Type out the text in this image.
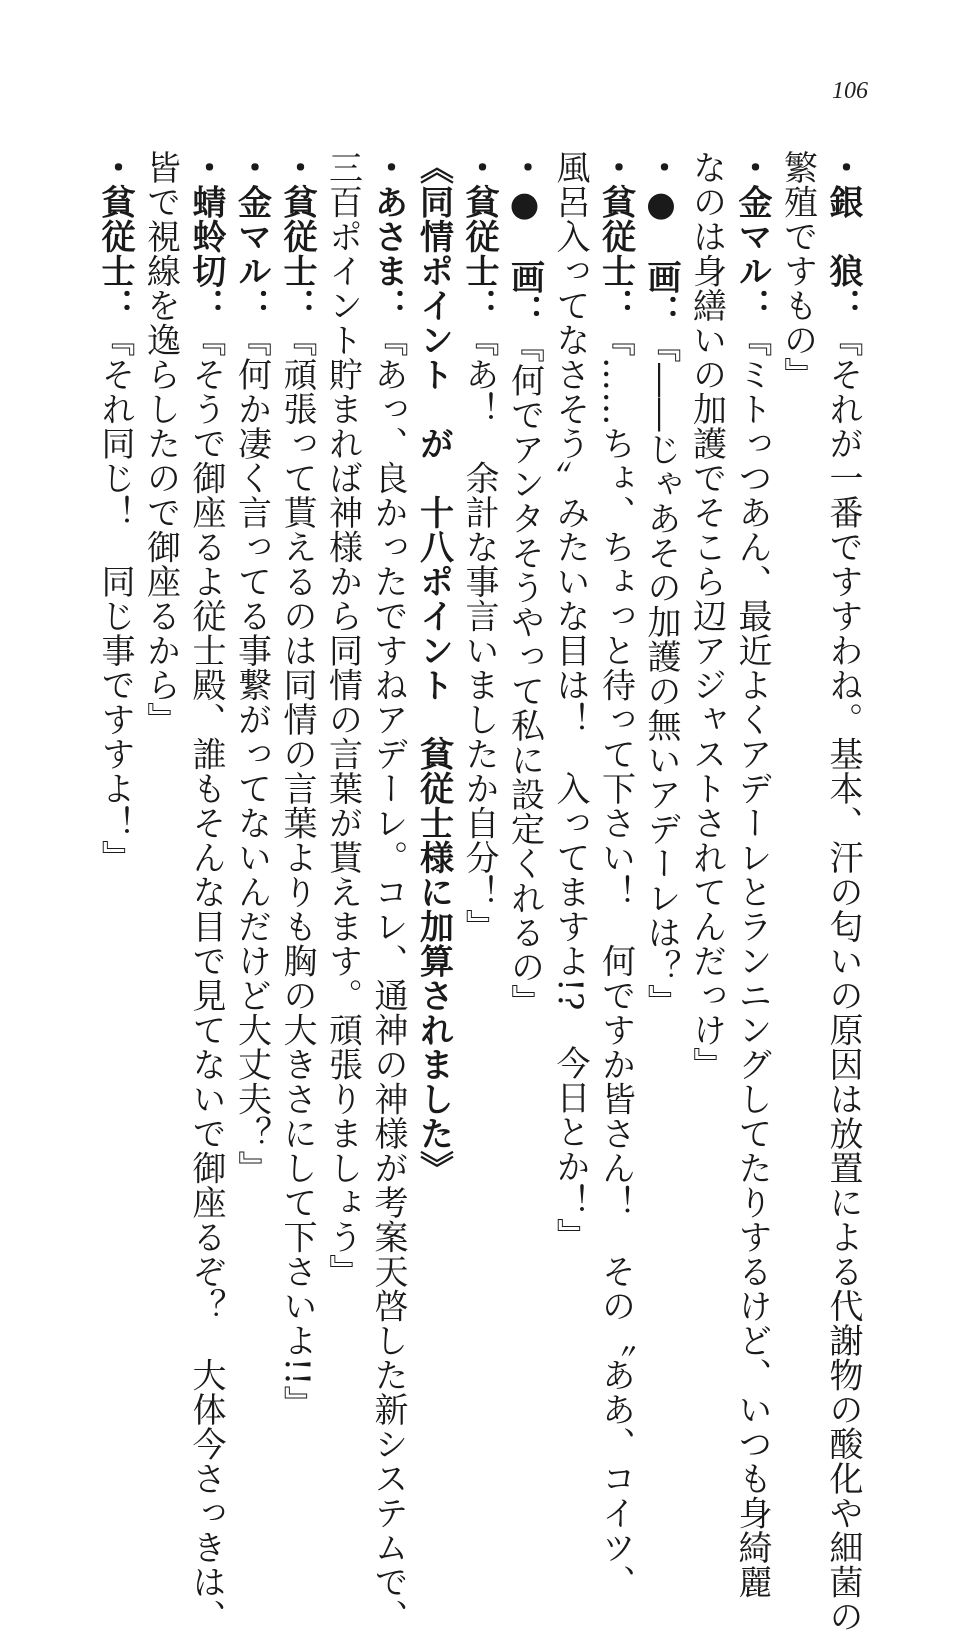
106
・銀　狼：『それが一番ですすわね。基本、汗の匂いの原因は放置による代謝物の酸化や細菌の
繁殖ですもの』
・金マル：『ミトっつあん、最近よくアデーレとランニングしてたりするけど、いつも身綺麗
なのは身繕いの加護でそこら辺アジャストされてんだっけ』
・●　画：『――じゃあその加護の無いアデーレは？』
・貧従士：『……ちょ、ちょっと待って下さい！　何ですか皆さん！　その〝ああ、コイツ、
風呂入ってなさそう〟みたいな目は！　入ってますよ!?　今日とか！』
・●　画：『何でアンタそうやって私に設定くれるの』
・貧従士：『あ！　余計な事言いましたか自分！』
《同情ポイント　が　十八ポイント　貧従士様に加算されました》
・あさま：『あっ、良かったですねアデーレ。コレ、通神の神様が考案天啓した新システムで、
三百ポイント貯まれば神様から同情の言葉が貰えます。頑張りましょう』
・貧従士：『頑張って貰えるのは同情の言葉よりも胸の大きさにして下さいよ!!』
・金マル：『何か凄く言ってる事繋がってないんだけど大丈夫？』
・蜻蛉切：『そうで御座るよ従士殿、誰もそんな目で見てないで御座るぞ？　大体今さっきは、
皆で視線を逸らしたので御座るから』
・貧従士：『それ同じ！　同じ事ですすよ！』
